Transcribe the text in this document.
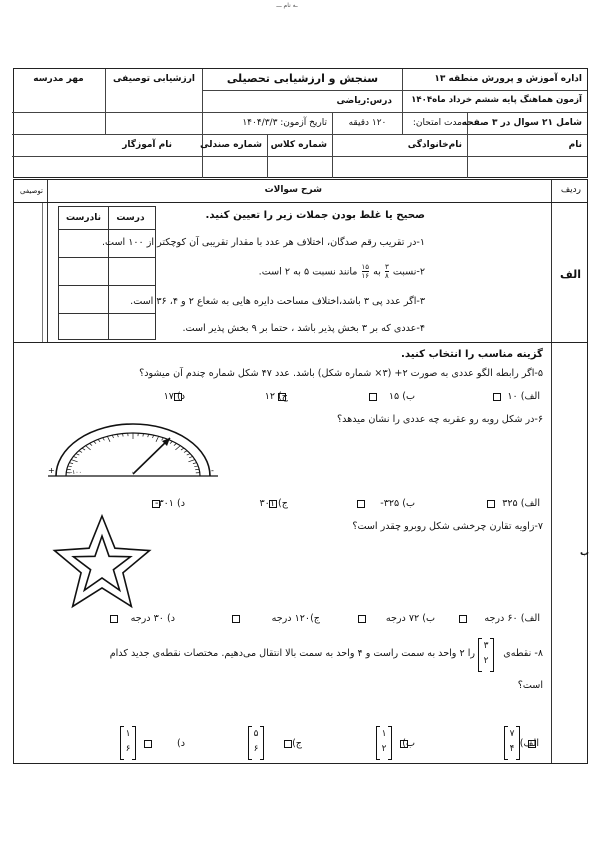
ـه نام ـــ
اداره آموزش و پرورش منطقه ۱۳
سنجش و ارزشیابی تحصیلی
ارزشیابی توصیفی
مهر مدرسه
آزمون هماهنگ پایه ششم خرداد ماه۱۴۰۴
درس:ریاضی
شامل ۲۱ سوال در ۳ صفحه
مدت امتحان:
۱۲۰ دقیقه
تاریخ آزمون: ۱۴۰۴/۳/۳
نام
نام‌خانوادگی
شماره کلاس
شماره صندلی
نام آموزگار
ردیف
شرح سوالات
توصیفی
الف
صحیح یا غلط بودن جملات زیر را تعیین کنید.
درست
نادرست
۱-در تقریب رقم صدگان، اختلاف هر عدد با مقدار تقریبی آن کوچکتر از ۱۰۰ است.
۲-نسبت
$\frac{۳}{۸}$ به
$\frac{۱۵}{۱۶}$ مانند نسبت ۵ به ۲ است.
۳-اگر عدد پی ۳ باشد،اختلاف مساحت دایره هایی به شعاع ۲ و ۴، ۳۶ است.
۴-عددی که بر ۳ بخش پذیر باشد ، حتما بر ۹ بخش پذیر است.
ب
گزینه مناسب را انتخاب کنید.
۵-اگر رابطه الگو عددی به صورت ۲+ (۳× شماره شکل) باشد. عدد ۴۷ شکل شماره چندم آن میشود؟
الف) ۱۰
ب) ۱۵
ج) ۱۲
د) ۱۷
۶-در شکل روبه رو عقربه چه عددی را نشان میدهد؟
+	-
۰
-۱۰۰
الف) ۳۲۵
ب) ۳۲۵-
ج) ۳۰۱
د) ۳۰۱-
۷-زاویه تقارن چرخشی شکل روبرو چقدر است؟
الف) ۶۰ درجه
ب) ۷۲ درجه
ج)۱۲۰ درجه
د) ۳۰ درجه
۸- نقطه‌ی
۳
۲
را ۲ واحد به سمت راست و ۴ واحد به سمت بالا انتقال می‌دهیم. مختصات نقطه‌ی جدید کدام
است؟
الف)
۷
۴
ب)
۱
۲
ج)
۵
۶
د)
۱
۶
